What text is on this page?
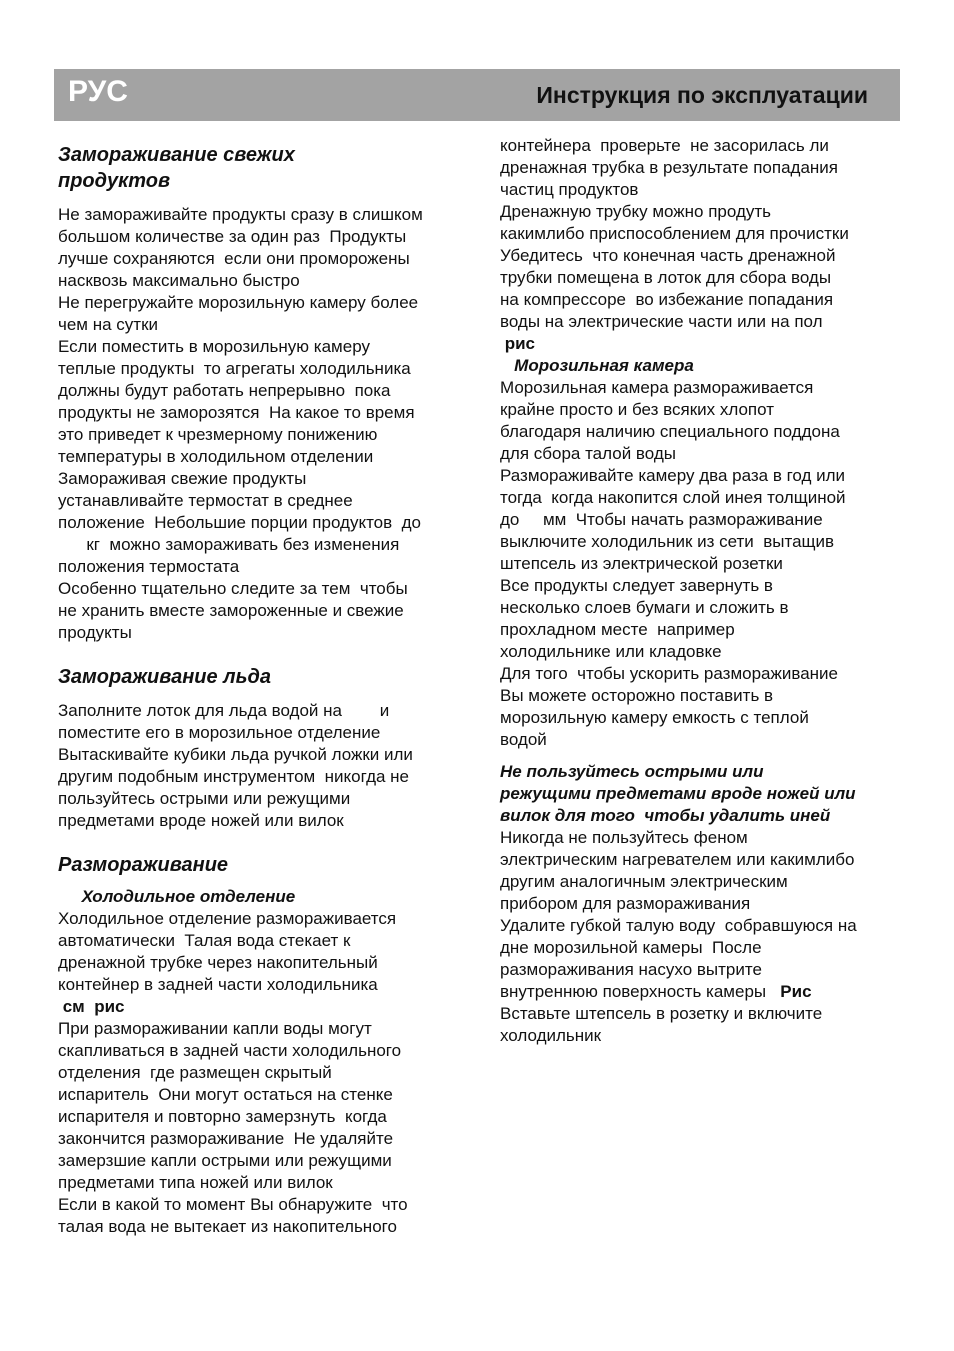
РУС	Инструкция по эксплуатации
Замораживание свежих
продуктов
Не замораживайте продукты сразу в слишком
большом количестве за один раз  Продукты
лучше сохраняются  если они проморожены
насквозь максимально быстро
Не перегружайте морозильную камеру более
чем на сутки
Если поместить в морозильную камеру
теплые продукты  то агрегаты холодильника
должны будут работать непрерывно  пока
продукты не заморозятся  На какое то время
это приведет к чрезмерному понижению
температуры в холодильном отделении
Замораживая свежие продукты
устанавливайте термостат в среднее
положение  Небольшие порции продуктов  до
кг  можно замораживать без изменения
положения термостата
Особенно тщательно следите за тем  чтобы
не хранить вместе замороженные и свежие
продукты
Замораживание льда
Заполните лоток для льда водой на        и
поместите его в морозильное отделение
Вытаскивайте кубики льда ручкой ложки или
другим подобным инструментом  никогда не
пользуйтесь острыми или режущими
предметами вроде ножей или вилок
Размораживание
Холодильное отделение
Холодильное отделение размораживается
автоматически  Талая вода стекает к
дренажной трубке через накопительный
контейнер в задней части холодильника
см  рис
При размораживании капли воды могут
скапливаться в задней части холодильного
отделения  где размещен скрытый
испаритель  Они могут остаться на стенке
испарителя и повторно замерзнуть  когда
закончится размораживание  Не удаляйте
замерзшие капли острыми или режущими
предметами типа ножей или вилок
Если в какой то момент Вы обнаружите  что
талая вода не вытекает из накопительного
контейнера  проверьте  не засорилась ли
дренажная трубка в результате попадания
частиц продуктов
Дренажную трубку можно продуть
какимлибо приспособлением для прочистки
Убедитесь  что конечная часть дренажной
трубки помещена в лоток для сбора воды
на компрессоре  во избежание попадания
воды на электрические части или на пол
рис
Морозильная камера
Морозильная камера размораживается
крайне просто и без всяких хлопот
благодаря наличию специального поддона
для сбора талой воды
Размораживайте камеру два раза в год или
тогда  когда накопится слой инея толщиной
до     мм  Чтобы начать размораживание
выключите холодильник из сети  вытащив
штепсель из электрической розетки
Все продукты следует завернуть в
несколько слоев бумаги и сложить в
прохладном месте  например
холодильнике или кладовке
Для того  чтобы ускорить размораживание
Вы можете осторожно поставить в
морозильную камеру емкость с теплой
водой
Не пользуйтесь острыми или
режущими предметами вроде ножей или
вилок для того  чтобы удалить иней
Никогда не пользуйтесь феном
электрическим нагревателем или какимлибо
другим аналогичным электрическим
прибором для размораживания
Удалите губкой талую воду  собравшуюся на
дне морозильной камеры  После
размораживания насухо вытрите
внутреннюю поверхность камеры   Рис
Вставьте штепсель в розетку и включите
холодильник
